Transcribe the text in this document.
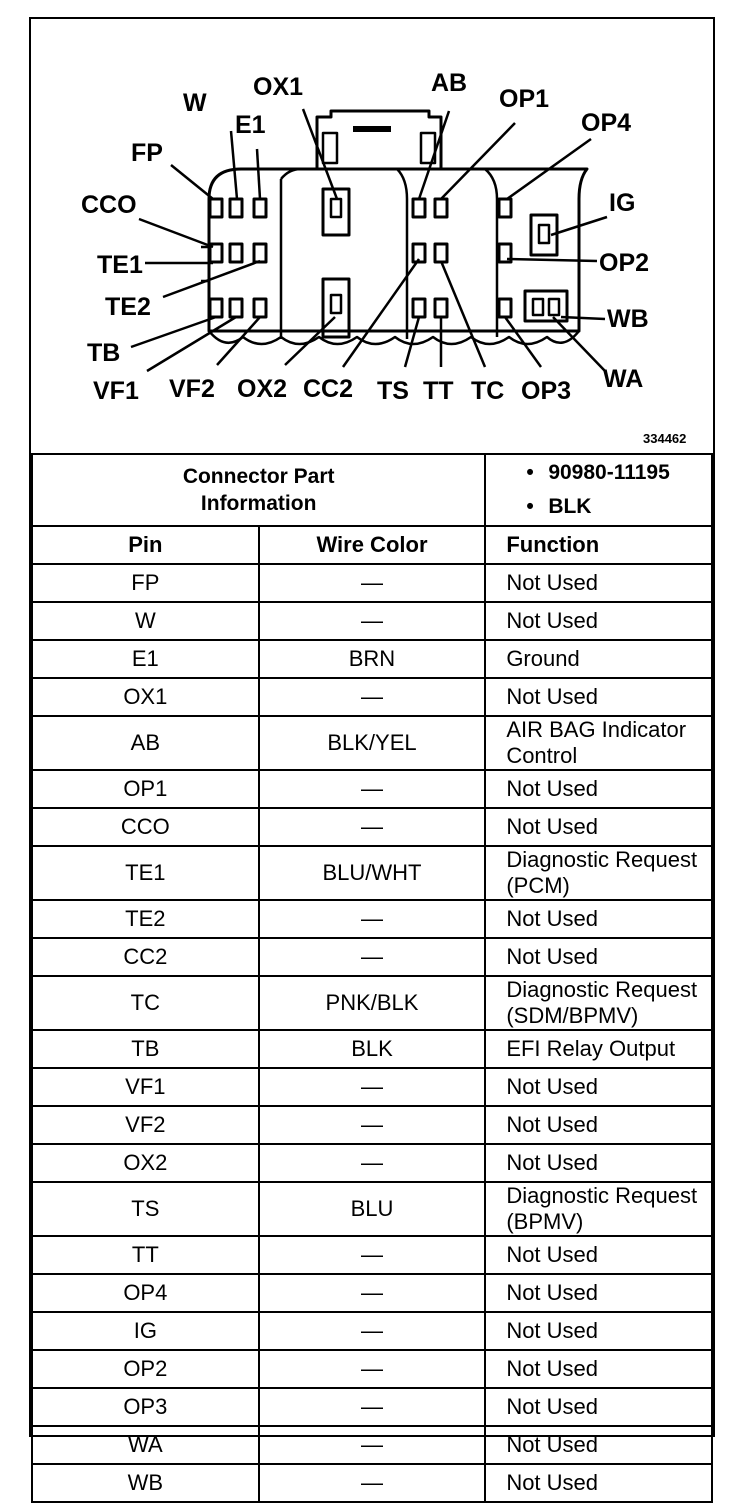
OX1	AB
W	OP1
E1	OP4
FP
CCO	IG
TE1	OP2
TE2	WB
TB
WA
VF1 VF2 OX2 CC2 TS TT TC OP3
334462
Connector Part Information		• 90980-11195
• BLK

Pin	Wire Color	Function
FP	—	Not Used
W	—	Not Used
E1	BRN	Ground
OX1	—	Not Used
AB	BLK/YEL	AIR BAG Indicator Control
OP1	—	Not Used
CCO	—	Not Used
TE1	BLU/WHT	Diagnostic Request (PCM)
TE2	—	Not Used
CC2	—	Not Used
TC	PNK/BLK	Diagnostic Request (SDM/BPMV)
TB	BLK	EFI Relay Output
VF1	—	Not Used
VF2	—	Not Used
OX2	—	Not Used
TS	BLU	Diagnostic Request (BPMV)
TT	—	Not Used
OP4	—	Not Used
IG	—	Not Used
OP2	—	Not Used
OP3	—	Not Used
WA	—	Not Used
WB	—	Not Used
